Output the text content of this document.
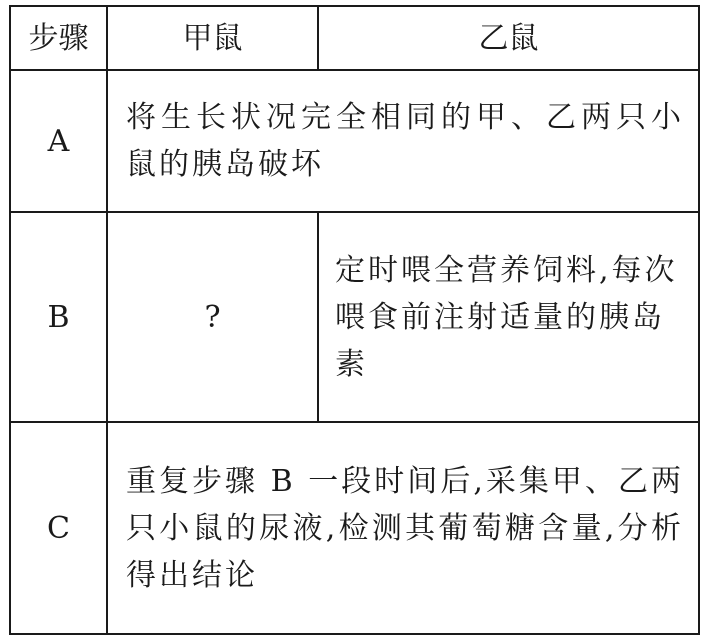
步骤	甲鼠	乙鼠
A	将生长状况完全相同的甲、乙两只小鼠的胰岛破坏	
B	?	定时喂全营养饲料,每次喂食前注射适量的胰岛素
C	重复步骤 B 一段时间后,采集甲、乙两只小鼠的尿液,检测其葡萄糖含量,分析得出结论	
